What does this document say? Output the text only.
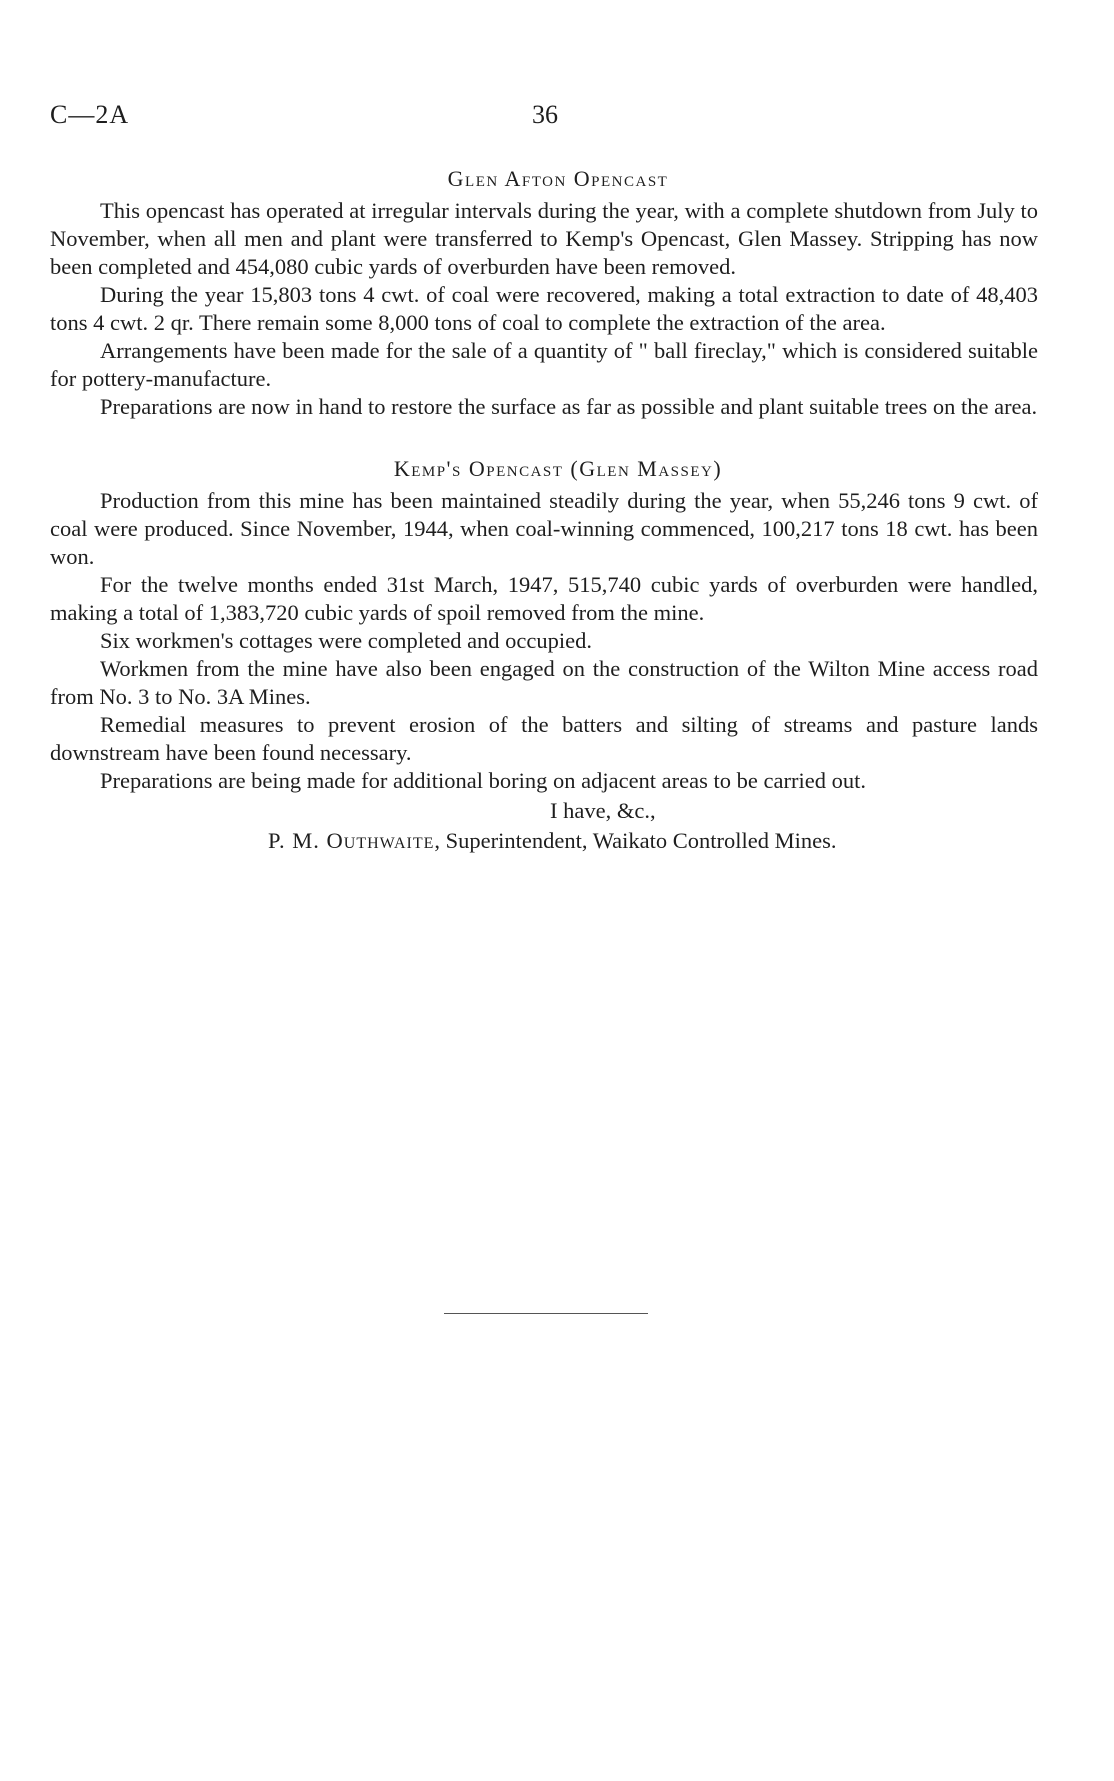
C—2A	36
Glen Afton Opencast

This opencast has operated at irregular intervals during the year, with a complete shutdown from July to November, when all men and plant were transferred to Kemp's Opencast, Glen Massey. Stripping has now been completed and 454,080 cubic yards of overburden have been removed.

During the year 15,803 tons 4 cwt. of coal were recovered, making a total extraction to date of 48,403 tons 4 cwt. 2 qr. There remain some 8,000 tons of coal to complete the extraction of the area.

Arrangements have been made for the sale of a quantity of " ball fireclay," which is considered suitable for pottery-manufacture.

Preparations are now in hand to restore the surface as far as possible and plant suitable trees on the area.

Kemp's Opencast (Glen Massey)

Production from this mine has been maintained steadily during the year, when 55,246 tons 9 cwt. of coal were produced. Since November, 1944, when coal-winning commenced, 100,217 tons 18 cwt. has been won.

For the twelve months ended 31st March, 1947, 515,740 cubic yards of overburden were handled, making a total of 1,383,720 cubic yards of spoil removed from the mine.

Six workmen's cottages were completed and occupied.

Workmen from the mine have also been engaged on the construction of the Wilton Mine access road from No. 3 to No. 3A Mines.

Remedial measures to prevent erosion of the batters and silting of streams and pasture lands downstream have been found necessary.

Preparations are being made for additional boring on adjacent areas to be carried out.

I have, &c.,

P. M. Outhwaite, Superintendent, Waikato Controlled Mines.
